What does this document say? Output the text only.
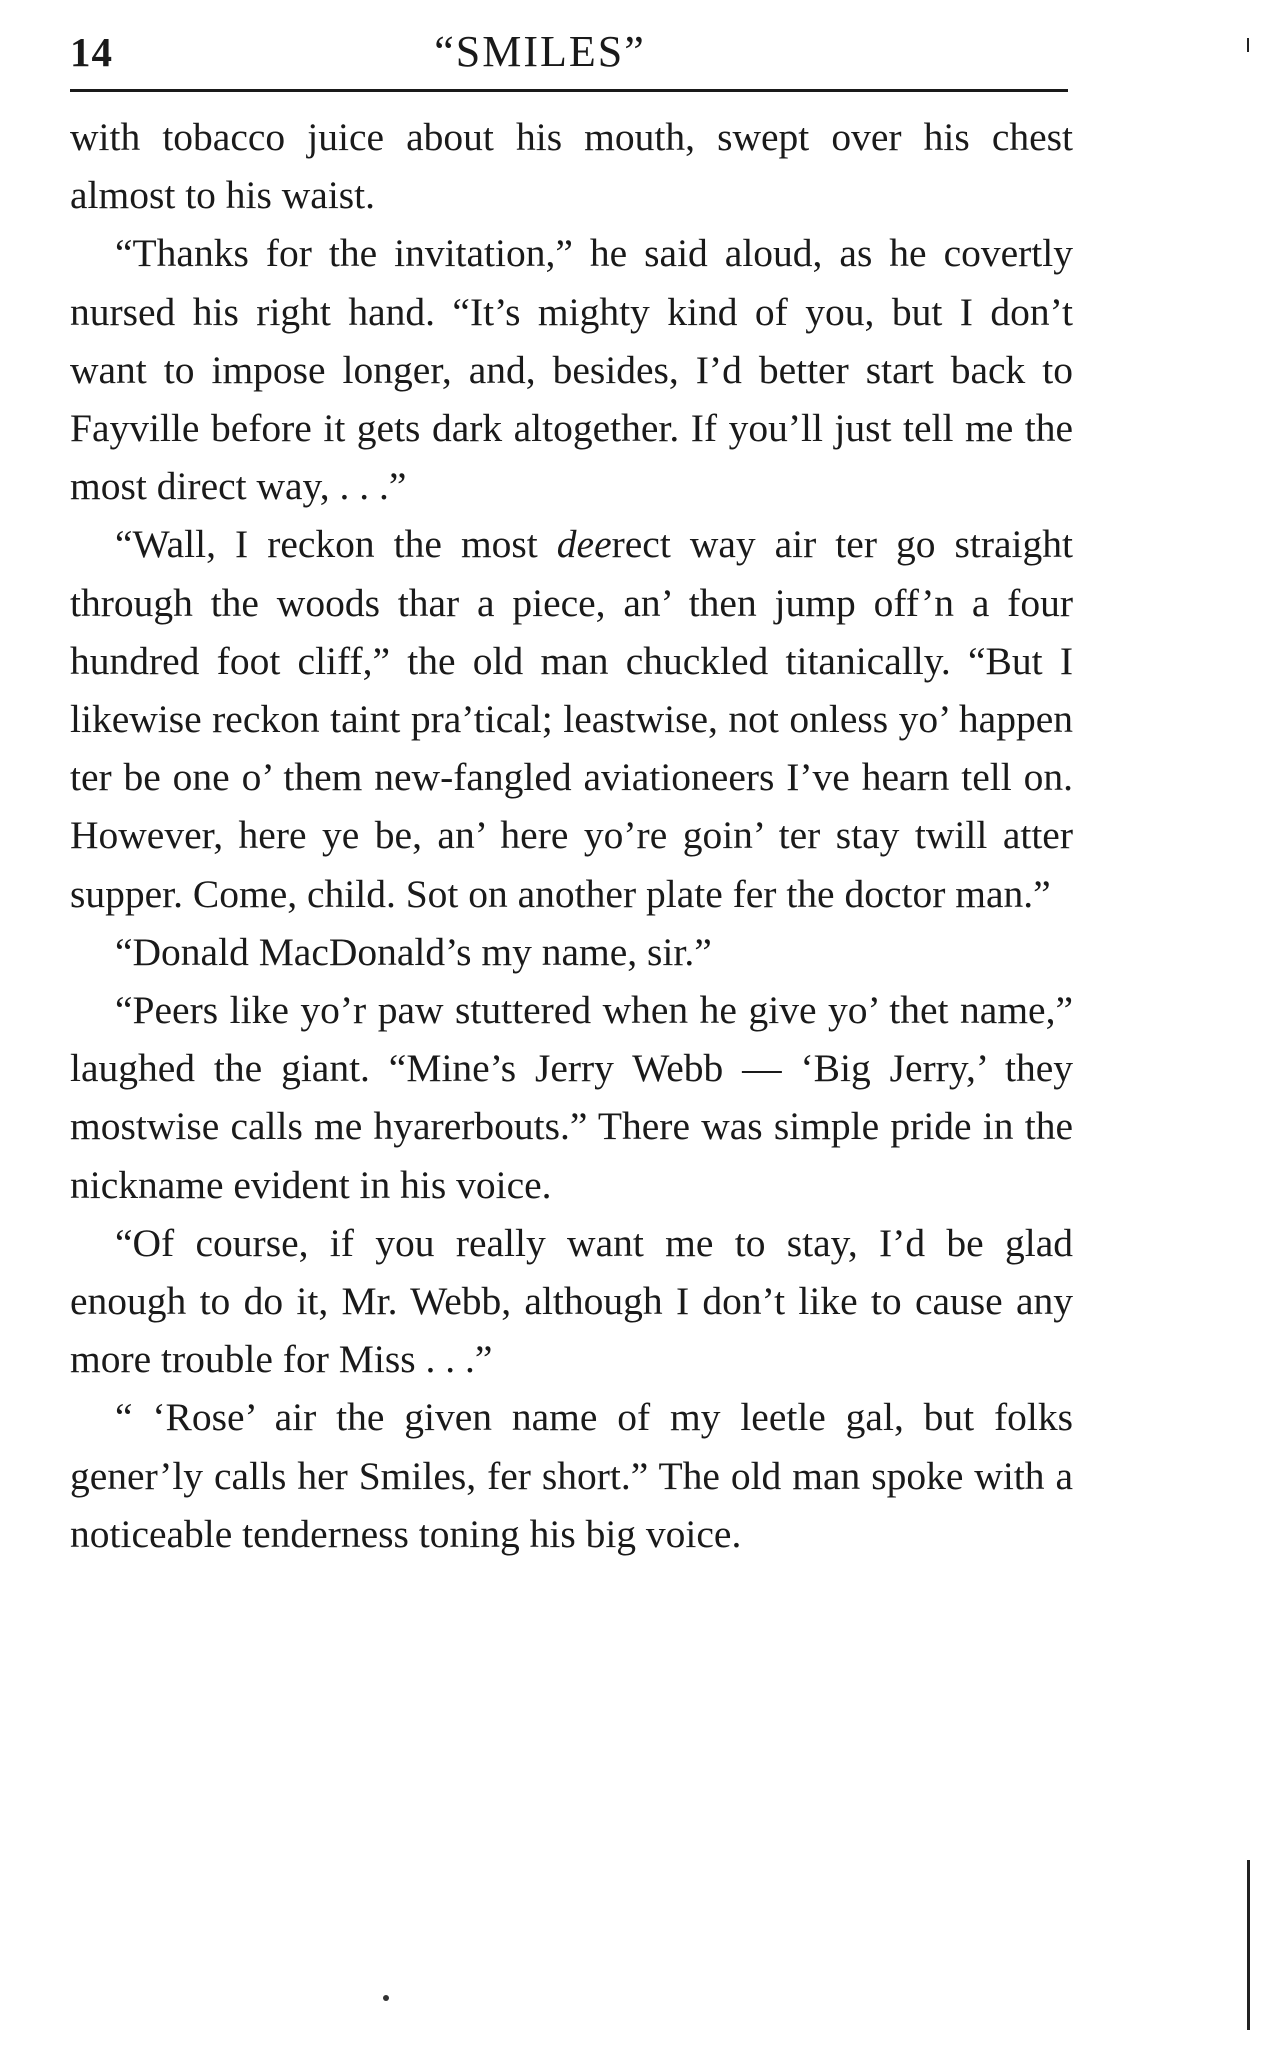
14	“SMILES”

with tobacco juice about his mouth, swept over his chest almost to his waist.

“Thanks for the invitation,” he said aloud, as he covertly nursed his right hand. “It’s mighty kind of you, but I don’t want to impose longer, and, besides, I’d better start back to Fayville before it gets dark altogether. If you’ll just tell me the most direct way, . . .”

“Wall, I reckon the most deerect way air ter go straight through the woods thar a piece, an’ then jump off’n a four hundred foot cliff,” the old man chuckled titanically. “But I likewise reckon taint pra’tical; leastwise, not onless yo’ happen ter be one o’ them new-fangled aviationeers I’ve hearn tell on. However, here ye be, an’ here yo’re goin’ ter stay twill atter supper. Come, child. Sot on another plate fer the doctor man.”

“Donald MacDonald’s my name, sir.”

“Peers like yo’r paw stuttered when he give yo’ thet name,” laughed the giant. “Mine’s Jerry Webb — ‘Big Jerry,’ they mostwise calls me hyarerbouts.” There was simple pride in the nickname evident in his voice.

“Of course, if you really want me to stay, I’d be glad enough to do it, Mr. Webb, although I don’t like to cause any more trouble for Miss . . .”

“ ‘Rose’ air the given name of my leetle gal, but folks gener’ly calls her Smiles, fer short.” The old man spoke with a noticeable tenderness toning his big voice.
